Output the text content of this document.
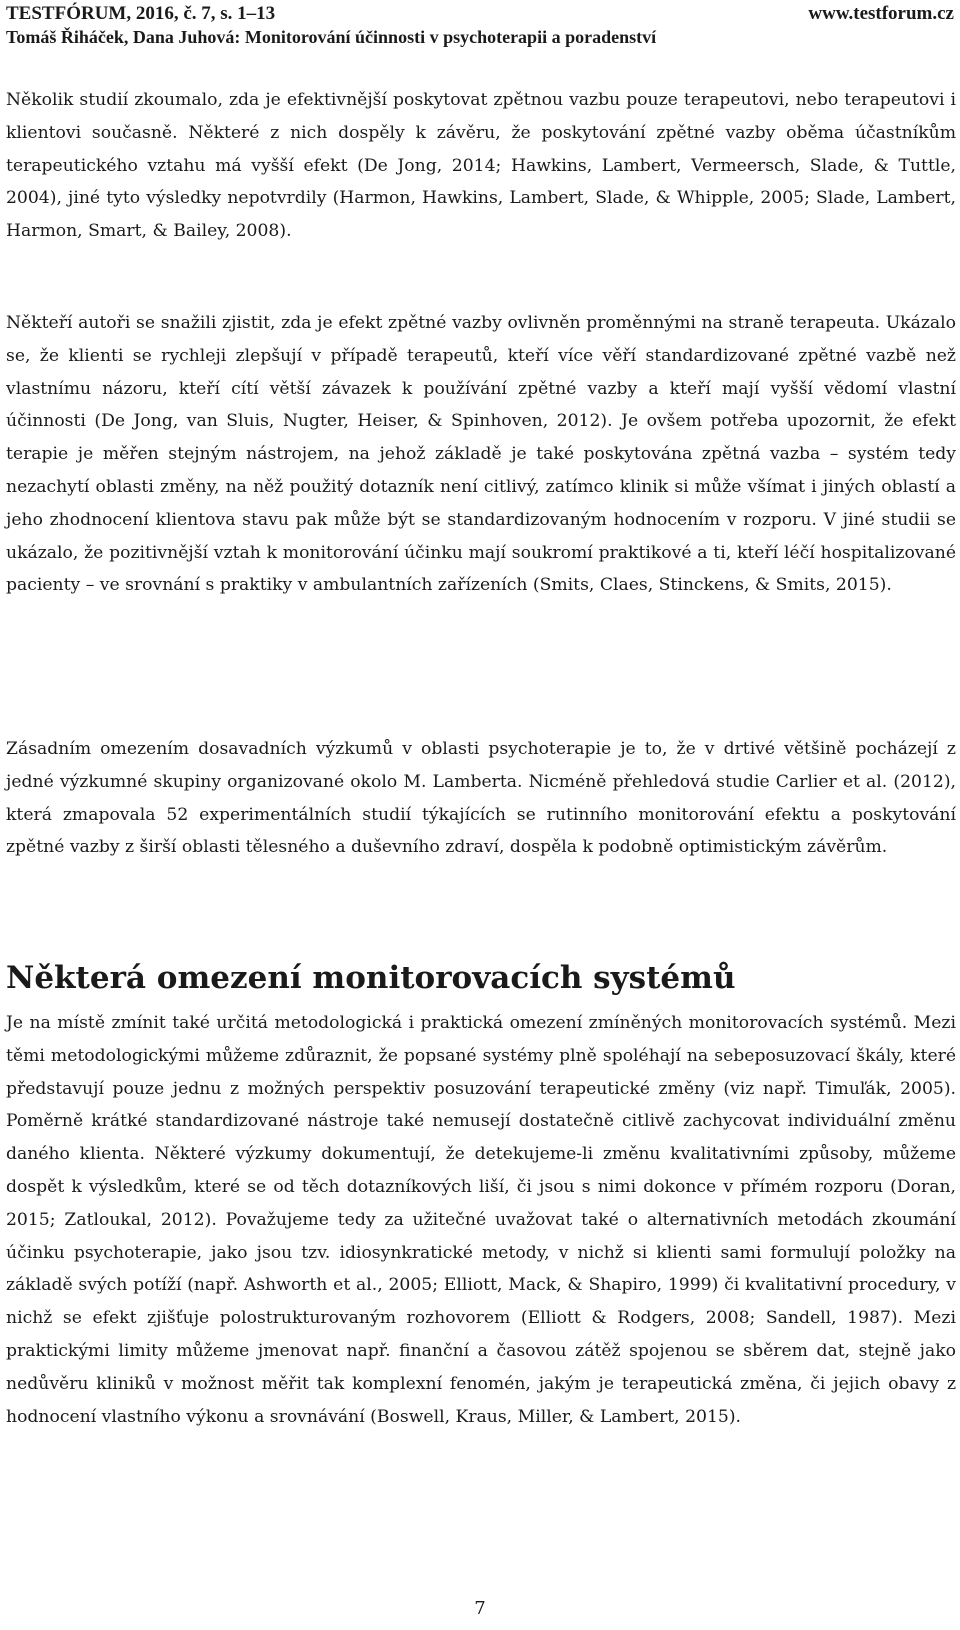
TESTFÓRUM, 2016, č. 7, s. 1–13	www.testforum.cz
Tomáš Řiháček, Dana Juhová: Monitorování účinnosti v psychoterapii a poradenství

Několik studií zkoumalo, zda je efektivnější poskytovat zpětnou vazbu pouze terapeutovi, nebo terapeutovi i klientovi současně. Některé z nich dospěly k závěru, že poskytování zpětné vazby oběma účastníkům terapeutického vztahu má vyšší efekt (De Jong, 2014; Hawkins, Lambert, Vermeersch, Slade, & Tuttle, 2004), jiné tyto výsledky nepotvrdily (Harmon, Hawkins, Lambert, Slade, & Whipple, 2005; Slade, Lambert, Harmon, Smart, & Bailey, 2008).

Někteří autoři se snažili zjistit, zda je efekt zpětné vazby ovlivněn proměnnými na straně terapeuta. Ukázalo se, že klienti se rychleji zlepšují v případě terapeutů, kteří více věří standardizované zpětné vazbě než vlastnímu názoru, kteří cítí větší závazek k používání zpětné vazby a kteří mají vyšší vědomí vlastní účinnosti (De Jong, van Sluis, Nugter, Heiser, & Spinhoven, 2012). Je ovšem potřeba upozornit, že efekt terapie je měřen stejným nástrojem, na jehož základě je také poskytována zpětná vazba – systém tedy nezachytí oblasti změny, na něž použitý dotazník není citlivý, zatímco klinik si může všímat i jiných oblastí a jeho zhodnocení klientova stavu pak může být se standardizovaným hodnocením v rozporu. V jiné studii se ukázalo, že pozitivnější vztah k monitorování účinku mají soukromí praktikové a ti, kteří léčí hospitalizované pacienty – ve srovnání s praktiky v ambulantních zařízeních (Smits, Claes, Stinckens, & Smits, 2015).

Zásadním omezením dosavadních výzkumů v oblasti psychoterapie je to, že v drtivé většině pocházejí z jedné výzkumné skupiny organizované okolo M. Lamberta. Nicméně přehledová studie Carlier et al. (2012), která zmapovala 52 experimentálních studií týkajících se rutinního monitorování efektu a poskytování zpětné vazby z širší oblasti tělesného a duševního zdraví, dospěla k podobně optimistickým závěrům.

Některá omezení monitorovacích systémů

Je na místě zmínit také určitá metodologická i praktická omezení zmíněných monitorovacích systémů. Mezi těmi metodologickými můžeme zdůraznit, že popsané systémy plně spoléhají na sebeposuzovací škály, které představují pouze jednu z možných perspektiv posuzování terapeutické změny (viz např. Timuľák, 2005). Poměrně krátké standardizované nástroje také nemusejí dostatečně citlivě zachycovat individuální změnu daného klienta. Některé výzkumy dokumentují, že detekujeme-li změnu kvalitativními způsoby, můžeme dospět k výsledkům, které se od těch dotazníkových liší, či jsou s nimi dokonce v přímém rozporu (Doran, 2015; Zatloukal, 2012). Považujeme tedy za užitečné uvažovat také o alternativních metodách zkoumání účinku psychoterapie, jako jsou tzv. idiosynkratické metody, v nichž si klienti sami formulují položky na základě svých potíží (např. Ashworth et al., 2005; Elliott, Mack, & Shapiro, 1999) či kvalitativní procedury, v nichž se efekt zjišťuje polostrukturovaným rozhovorem (Elliott & Rodgers, 2008; Sandell, 1987). Mezi praktickými limity můžeme jmenovat např. finanční a časovou zátěž spojenou se sběrem dat, stejně jako nedůvěru kliniků v možnost měřit tak komplexní fenomén, jakým je terapeutická změna, či jejich obavy z hodnocení vlastního výkonu a srovnávání (Boswell, Kraus, Miller, & Lambert, 2015).

7
